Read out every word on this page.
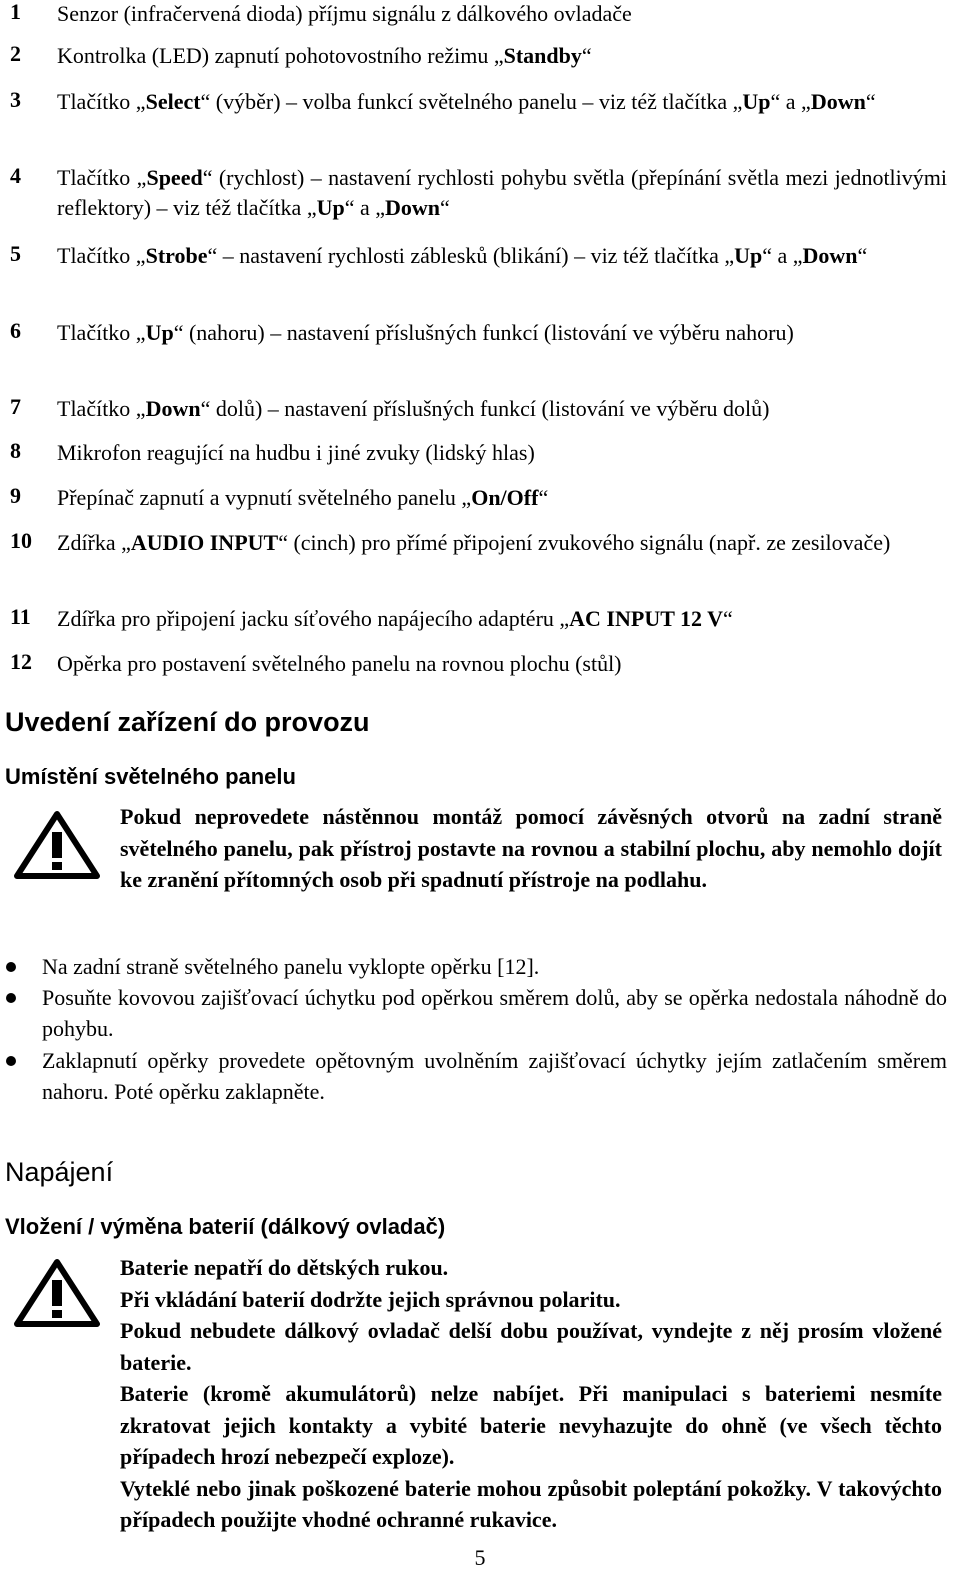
1	Senzor (infračervená dioda) příjmu signálu z dálkového ovladače
2	Kontrolka (LED) zapnutí pohotovostního režimu „Standby“
3	Tlačítko „Select“ (výběr) – volba funkcí světelného panelu – viz též tlačítka „Up“ a „Down“
4	Tlačítko „Speed“ (rychlost) – nastavení rychlosti pohybu světla (přepínání světla mezi jednotlivými reflektory) – viz též tlačítka „Up“ a „Down“
5	Tlačítko „Strobe“ – nastavení rychlosti záblesků (blikání) – viz též tlačítka „Up“ a „Down“
6	Tlačítko „Up“ (nahoru) – nastavení příslušných funkcí (listování ve výběru nahoru)
7	Tlačítko „Down“ dolů) – nastavení příslušných funkcí (listování ve výběru dolů)
8	Mikrofon reagující na hudbu i jiné zvuky (lidský hlas)
9	Přepínač zapnutí a vypnutí světelného panelu „On/Off“
10	Zdířka „AUDIO INPUT“ (cinch) pro přímé připojení zvukového signálu (např. ze zesilovače)
11	Zdířka pro připojení jacku síťového napájecího adaptéru „AC INPUT 12 V“
12	Opěrka pro postavení světelného panelu na rovnou plochu (stůl)
Uvedení zařízení do provozu
Umístění světelného panelu
Pokud neprovedete nástěnnou montáž pomocí závěsných otvorů na zadní straně světelného panelu, pak přístroj postavte na rovnou a stabilní plochu, aby nemohlo dojít ke zranění přítomných osob při spadnutí přístroje na podlahu.
Na zadní straně světelného panelu vyklopte opěrku [12].
Posuňte kovovou zajišťovací úchytku pod opěrkou směrem dolů, aby se opěrka nedostala náhodně do pohybu.
Zaklapnutí opěrky provedete opětovným uvolněním zajišťovací úchytky jejím zatlačením směrem nahoru. Poté opěrku zaklapněte.
Napájení
Vložení / výměna baterií (dálkový ovladač)
Baterie nepatří do dětských rukou.
Při vkládání baterií dodržte jejich správnou polaritu.
Pokud nebudete dálkový ovladač delší dobu používat, vyndejte z něj prosím vložené baterie.
Baterie (kromě akumulátorů) nelze nabíjet. Při manipulaci s bateriemi nesmíte zkratovat jejich kontakty a vybité baterie nevyhazujte do ohně (ve všech těchto případech hrozí nebezpečí exploze).
Vyteklé nebo jinak poškozené baterie mohou způsobit poleptání pokožky. V takovýchto případech použijte vhodné ochranné rukavice.
5
